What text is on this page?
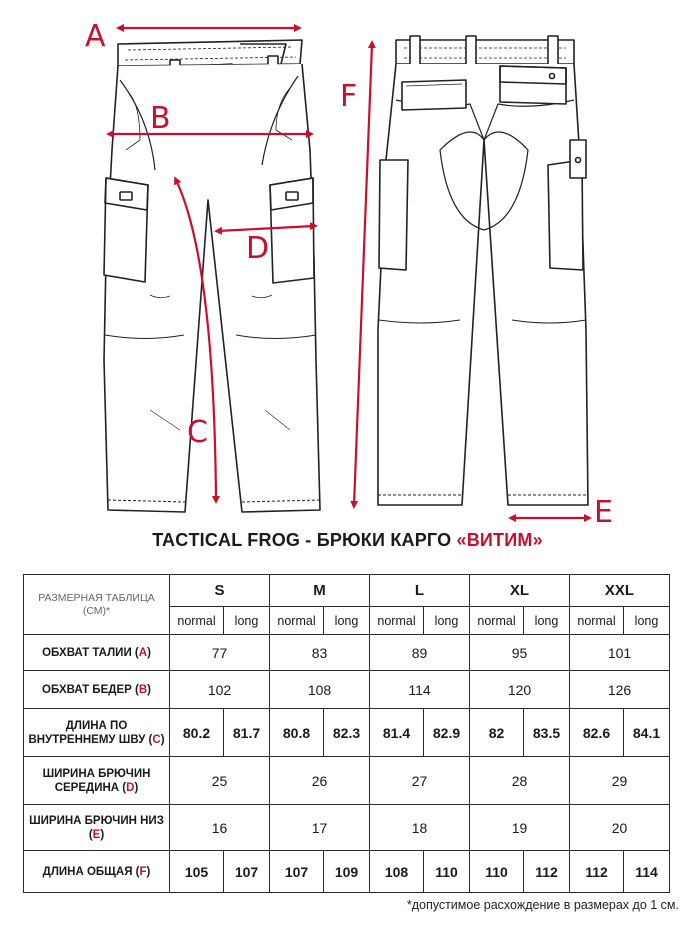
A
B
C
D
F
E
TACTICAL FROG - БРЮКИ КАРГО «ВИТИМ»
РАЗМЕРНАЯ ТАБЛИЦА (СМ)*	S		M		L		XL		XXL	
	normal	long	normal	long	normal	long	normal	long	normal	long
ОБХВАТ ТАЛИИ (A)	77		83		89		95		101	
ОБХВАТ БЕДЕР (B)	102		108		114		120		126	
ДЛИНА ПО ВНУТРЕННЕМУ ШВУ (C)	80.2	81.7	80.8	82.3	81.4	82.9	82	83.5	82.6	84.1
ШИРИНА БРЮЧИН СЕРЕДИНА (D)	25		26		27		28		29	
ШИРИНА БРЮЧИН НИЗ (E)	16		17		18		19		20	
ДЛИНА ОБЩАЯ (F)	105	107	107	109	108	110	110	112	112	114
*допустимое расхождение в размерах до 1 см.
